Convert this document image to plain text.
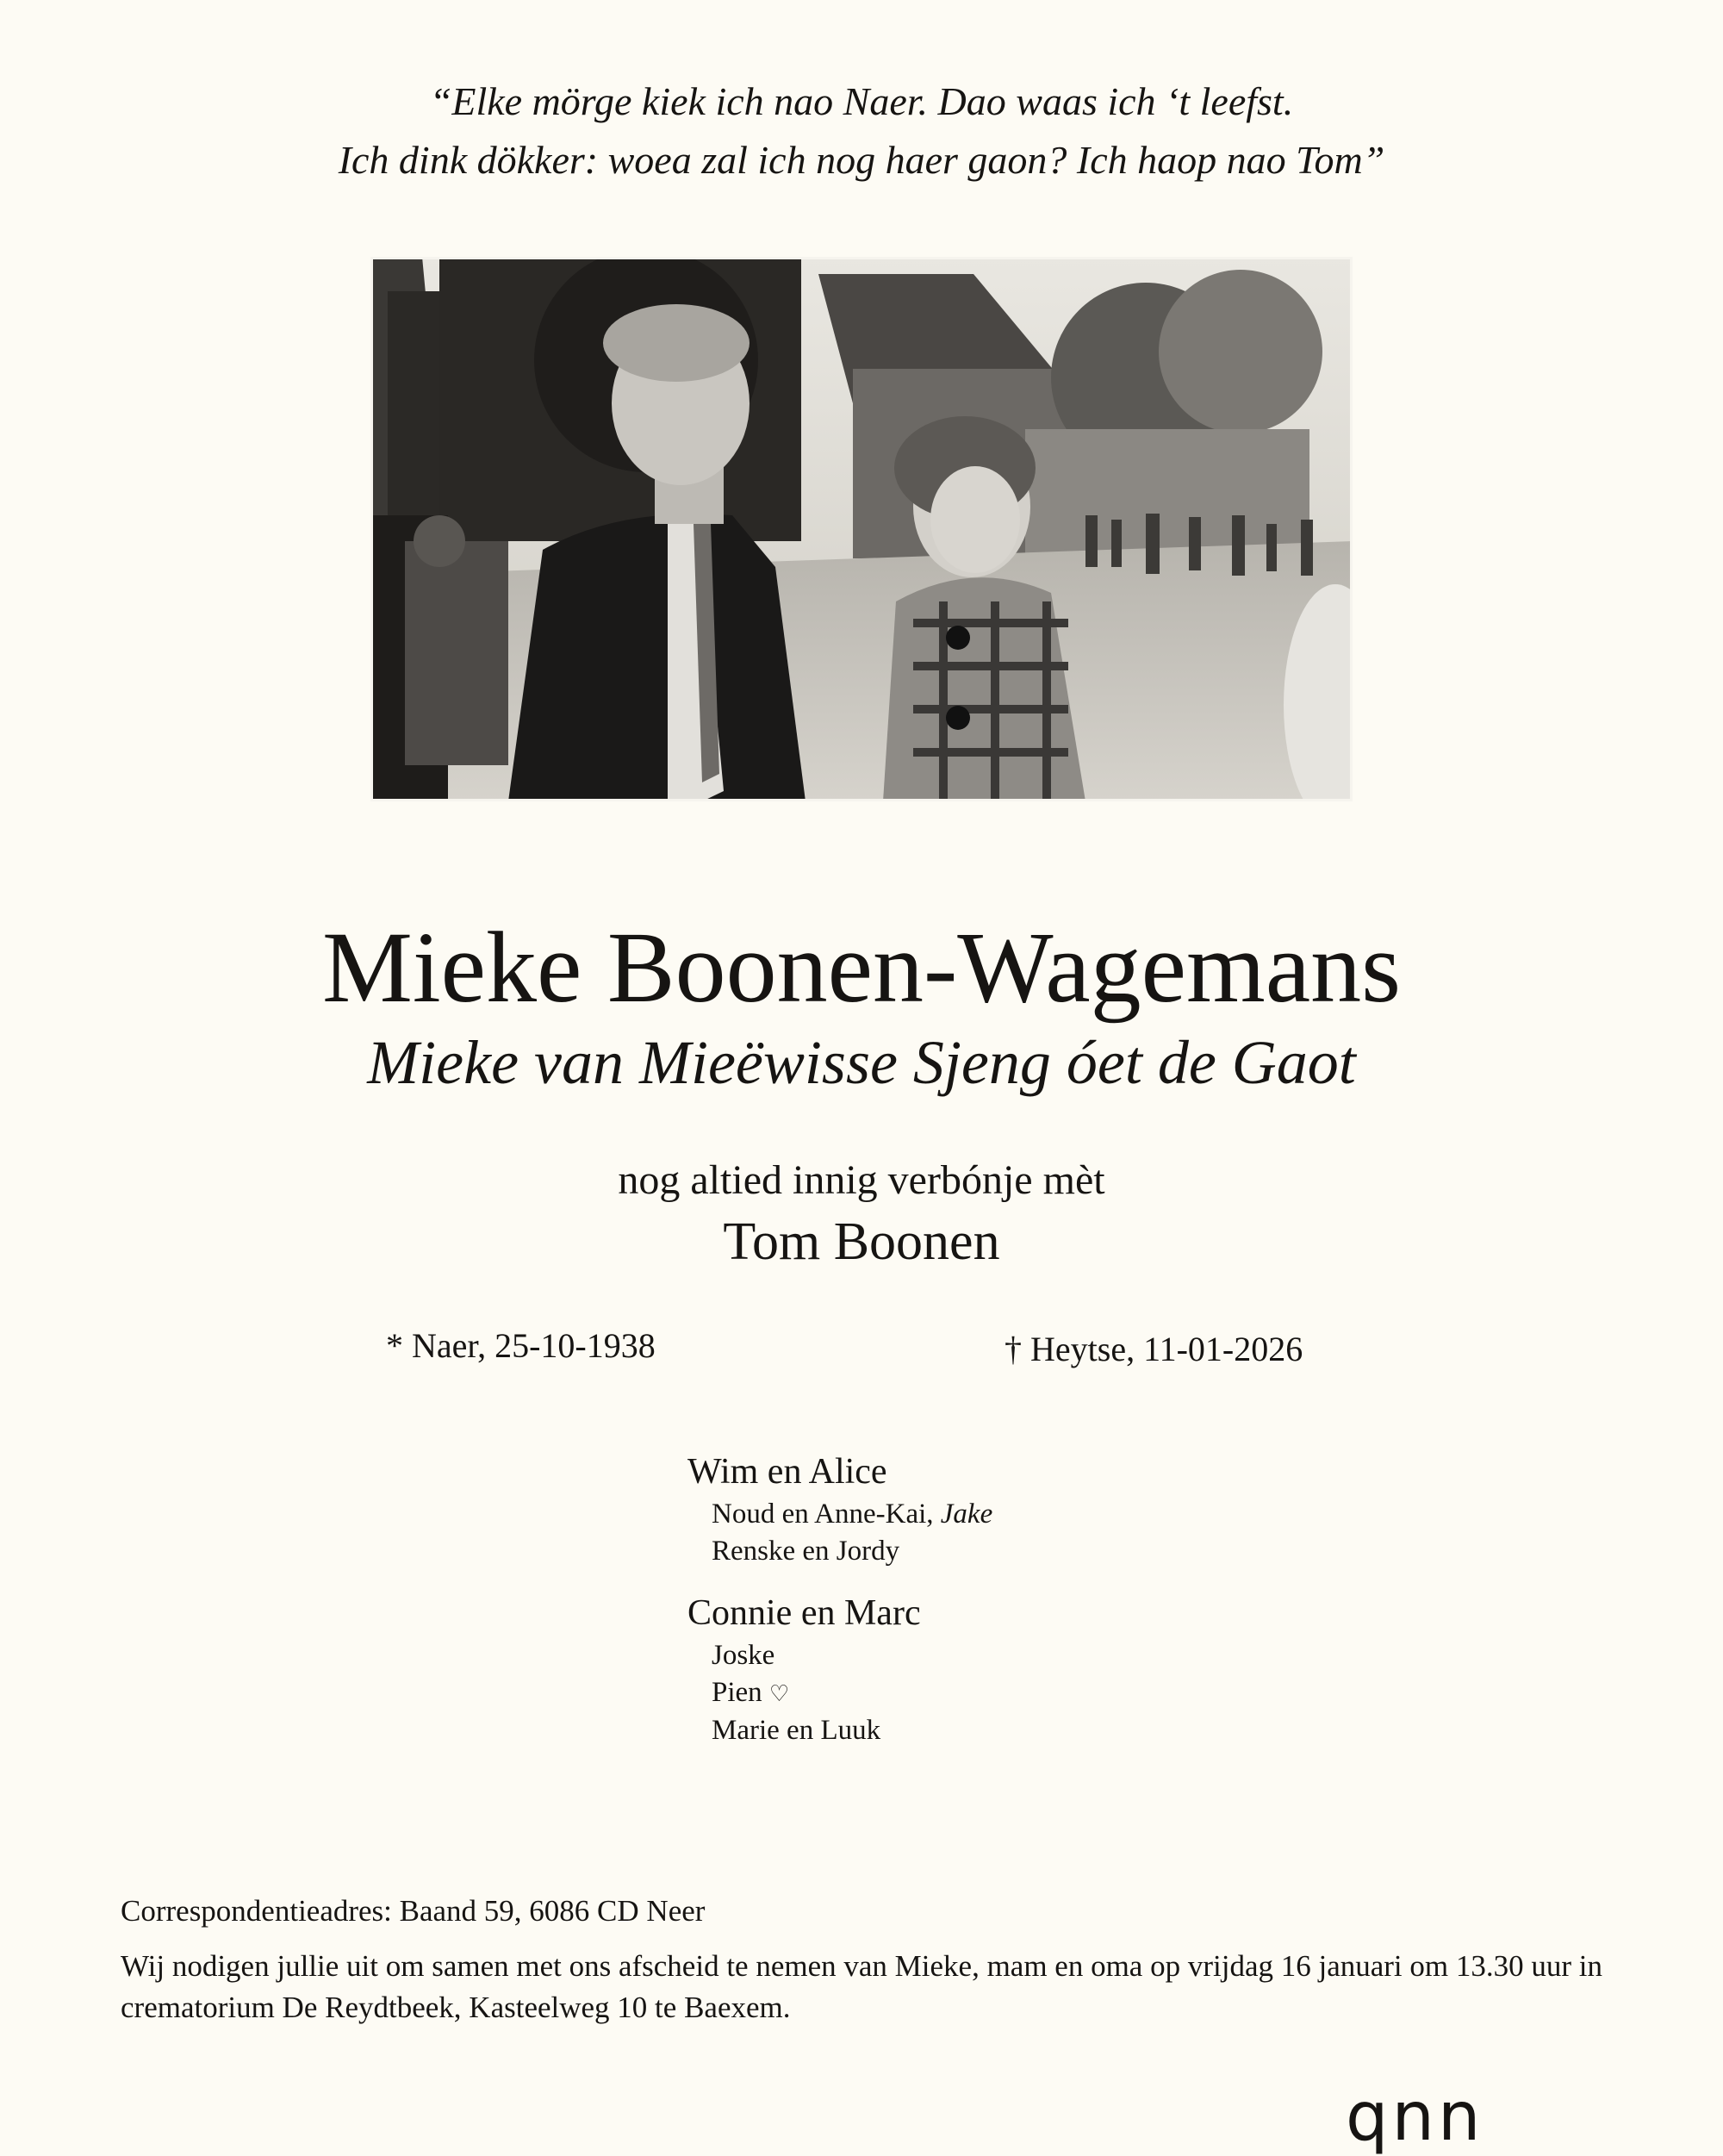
“Elke mörge kiek ich nao Naer. Dao waas ich ‘t leefst.
Ich dink dökker: woea zal ich nog haer gaon? Ich haop nao Tom”
Mieke Boonen-Wagemans
Mieke van Mieëwisse Sjeng óet de Gaot
nog altied innig verbónje mèt
Tom Boonen
* Naer, 25-10-1938	† Heytse, 11-01-2026
Wim en Alice
Noud en Anne-Kai, Jake
Renske en Jordy
Connie en Marc
Joske
Pien ♡
Marie en Luuk
Correspondentieadres: Baand 59, 6086 CD Neer
Wij nodigen jullie uit om samen met ons afscheid te nemen van Mieke, mam en oma op vrijdag 16 januari om 13.30 uur in crematorium De Reydtbeek, Kasteelweg 10 te Baexem.
qnn
